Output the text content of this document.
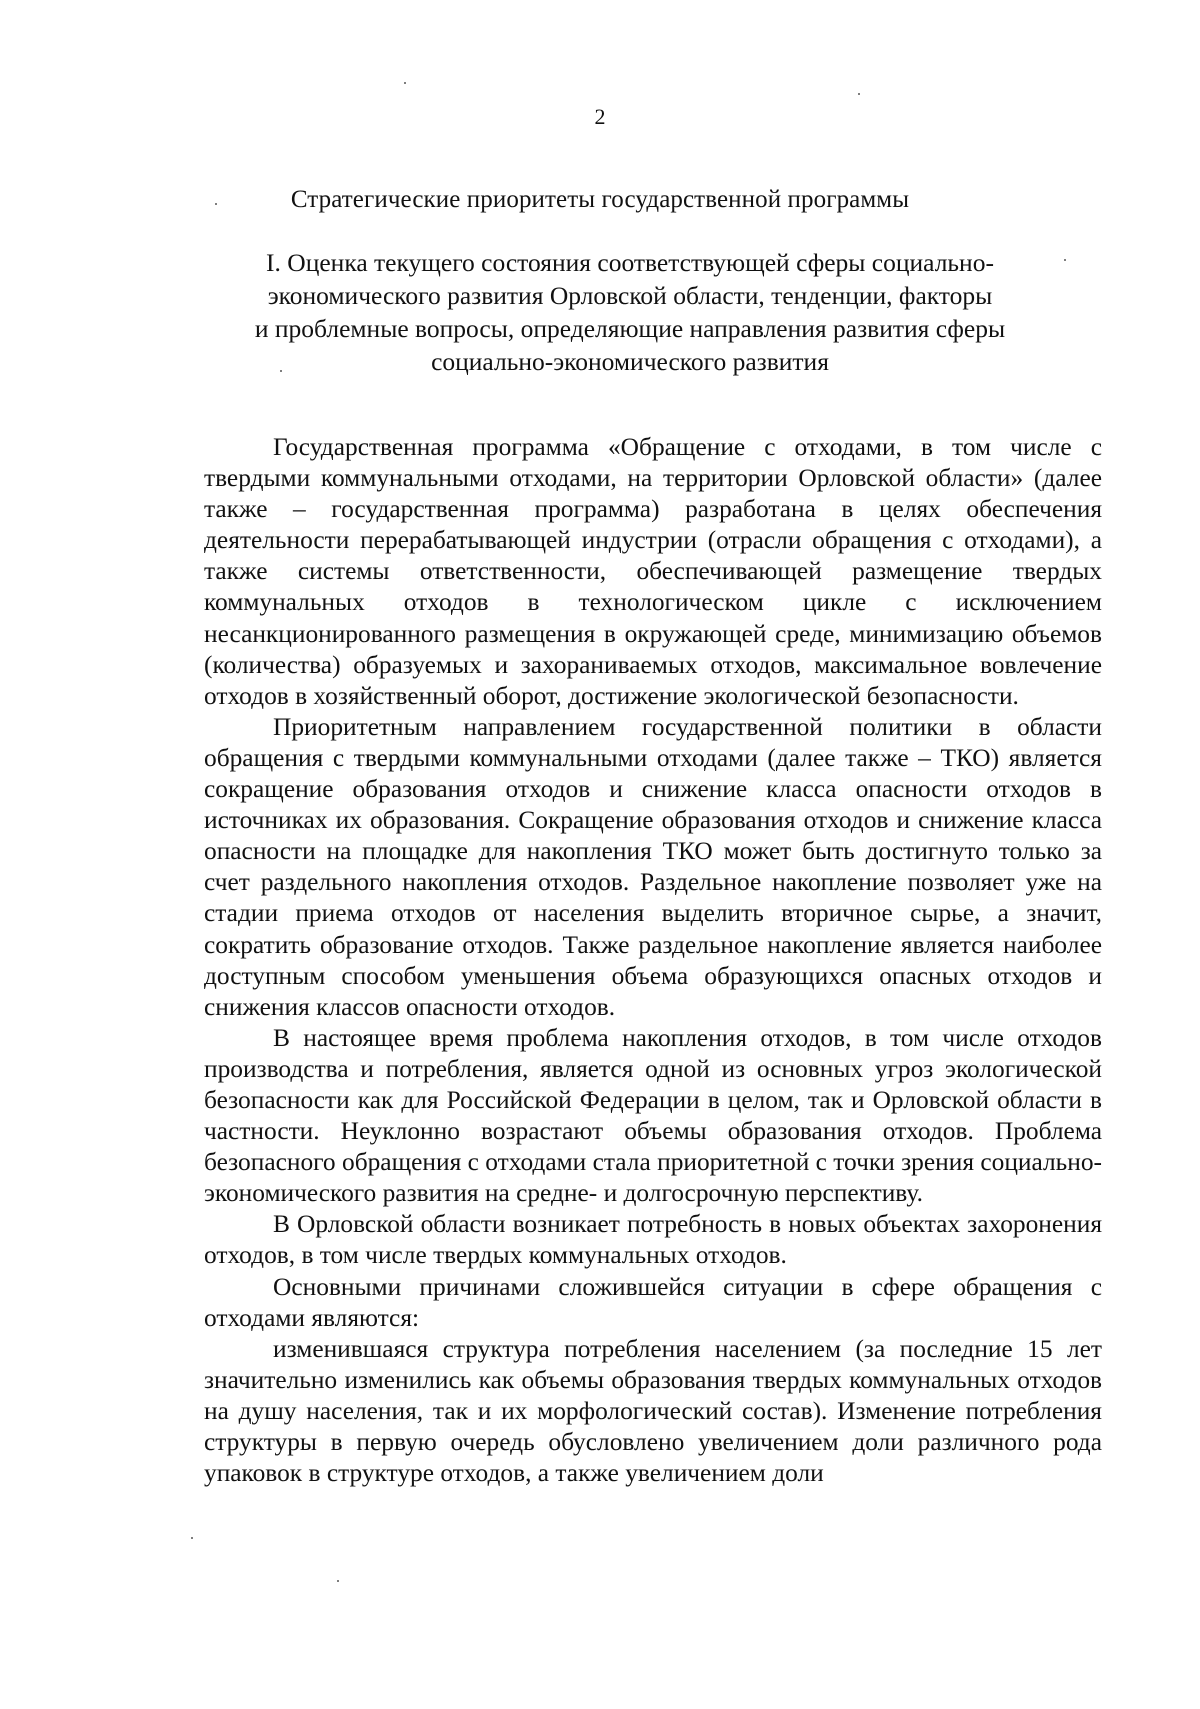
2
Стратегические приоритеты государственной программы
I. Оценка текущего состояния соответствующей сферы социально-
экономического развития Орловской области, тенденции, факторы
и проблемные вопросы, определяющие направления развития сферы
социально-экономического развития

Государственная программа «Обращение с отходами, в том числе с твердыми коммунальными отходами, на территории Орловской области» (далее также – государственная программа) разработана в целях обеспечения деятельности перерабатывающей индустрии (отрасли обращения с отходами), а также системы ответственности, обеспечивающей размещение твердых коммунальных отходов в технологическом цикле с исключением несанкционированного размещения в окружающей среде, минимизацию объемов (количества) образуемых и захораниваемых отходов, максимальное вовлечение отходов в хозяйственный оборот, достижение экологической безопасности.

Приоритетным направлением государственной политики в области обращения с твердыми коммунальными отходами (далее также – ТКО) является сокращение образования отходов и снижение класса опасности отходов в источниках их образования. Сокращение образования отходов и снижение класса опасности на площадке для накопления ТКО может быть достигнуто только за счет раздельного накопления отходов. Раздельное накопление позволяет уже на стадии приема отходов от населения выделить вторичное сырье, а значит, сократить образование отходов. Также раздельное накопление является наиболее доступным способом уменьшения объема образующихся опасных отходов и снижения классов опасности отходов.

В настоящее время проблема накопления отходов, в том числе отходов производства и потребления, является одной из основных угроз экологической безопасности как для Российской Федерации в целом, так и Орловской области в частности. Неуклонно возрастают объемы образования отходов. Проблема безопасного обращения с отходами стала приоритетной с точки зрения социально-экономического развития на средне- и долгосрочную перспективу.

В Орловской области возникает потребность в новых объектах захоронения отходов, в том числе твердых коммунальных отходов.

Основными причинами сложившейся ситуации в сфере обращения с отходами являются:

изменившаяся структура потребления населением (за последние 15 лет значительно изменились как объемы образования твердых коммунальных отходов на душу населения, так и их морфологический состав). Изменение потребления структуры в первую очередь обусловлено увеличением доли различного рода упаковок в структуре отходов, а также увеличением доли
